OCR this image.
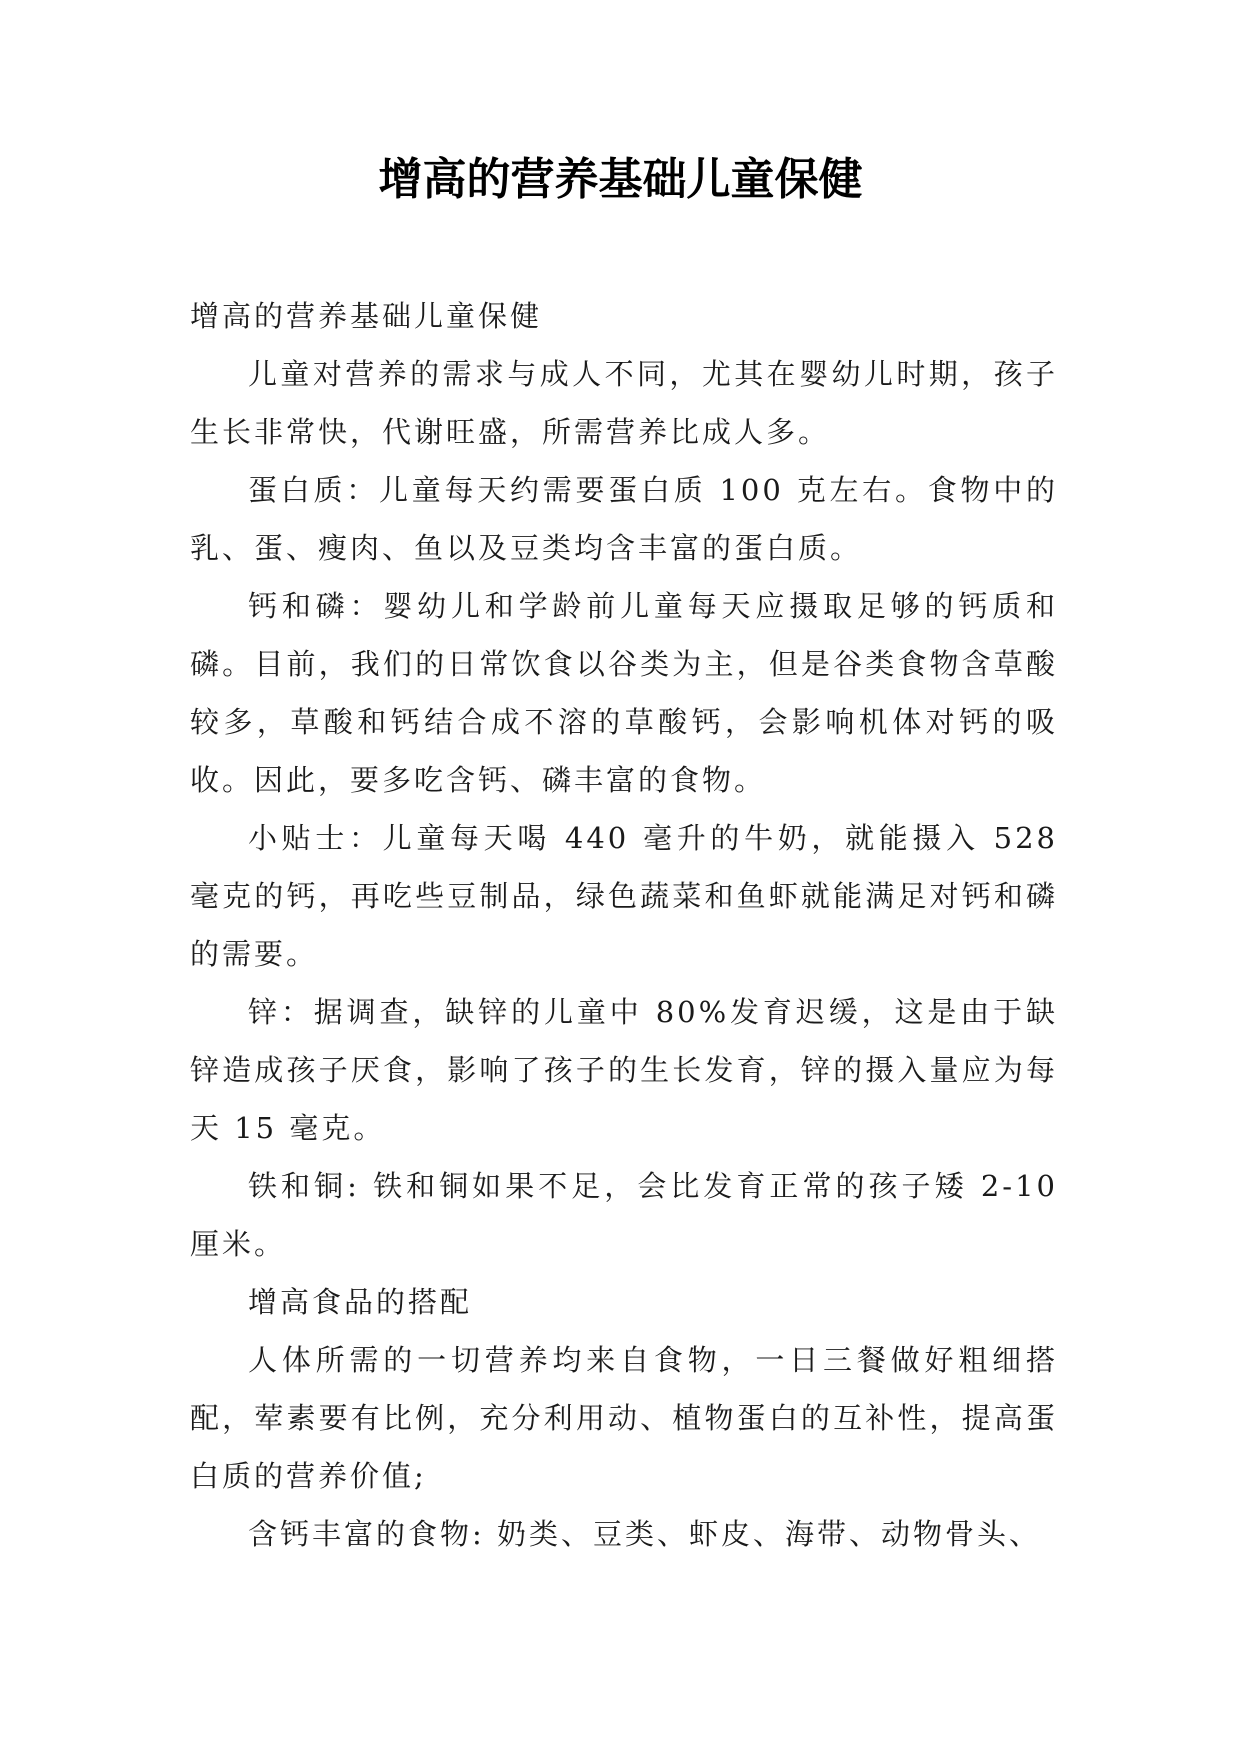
增高的营养基础儿童保健

增高的营养基础儿童保健

儿童对营养的需求与成人不同，尤其在婴幼儿时期，孩子生长非常快，代谢旺盛，所需营养比成人多。

蛋白质：儿童每天约需要蛋白质 100 克左右。食物中的乳、蛋、瘦肉、鱼以及豆类均含丰富的蛋白质。

钙和磷：婴幼儿和学龄前儿童每天应摄取足够的钙质和磷。目前，我们的日常饮食以谷类为主，但是谷类食物含草酸较多，草酸和钙结合成不溶的草酸钙，会影响机体对钙的吸收。因此，要多吃含钙、磷丰富的食物。

小贴士：儿童每天喝 440 毫升的牛奶，就能摄入 528 毫克的钙，再吃些豆制品，绿色蔬菜和鱼虾就能满足对钙和磷的需要。

锌：据调查，缺锌的儿童中 80%发育迟缓，这是由于缺锌造成孩子厌食，影响了孩子的生长发育，锌的摄入量应为每天 15 毫克。

铁和铜: 铁和铜如果不足，会比发育正常的孩子矮 2-10 厘米。

增高食品的搭配

人体所需的一切营养均来自食物，一日三餐做好粗细搭配，荤素要有比例，充分利用动、植物蛋白的互补性，提高蛋白质的营养价值;

含钙丰富的食物: 奶类、豆类、虾皮、海带、动物骨头、
